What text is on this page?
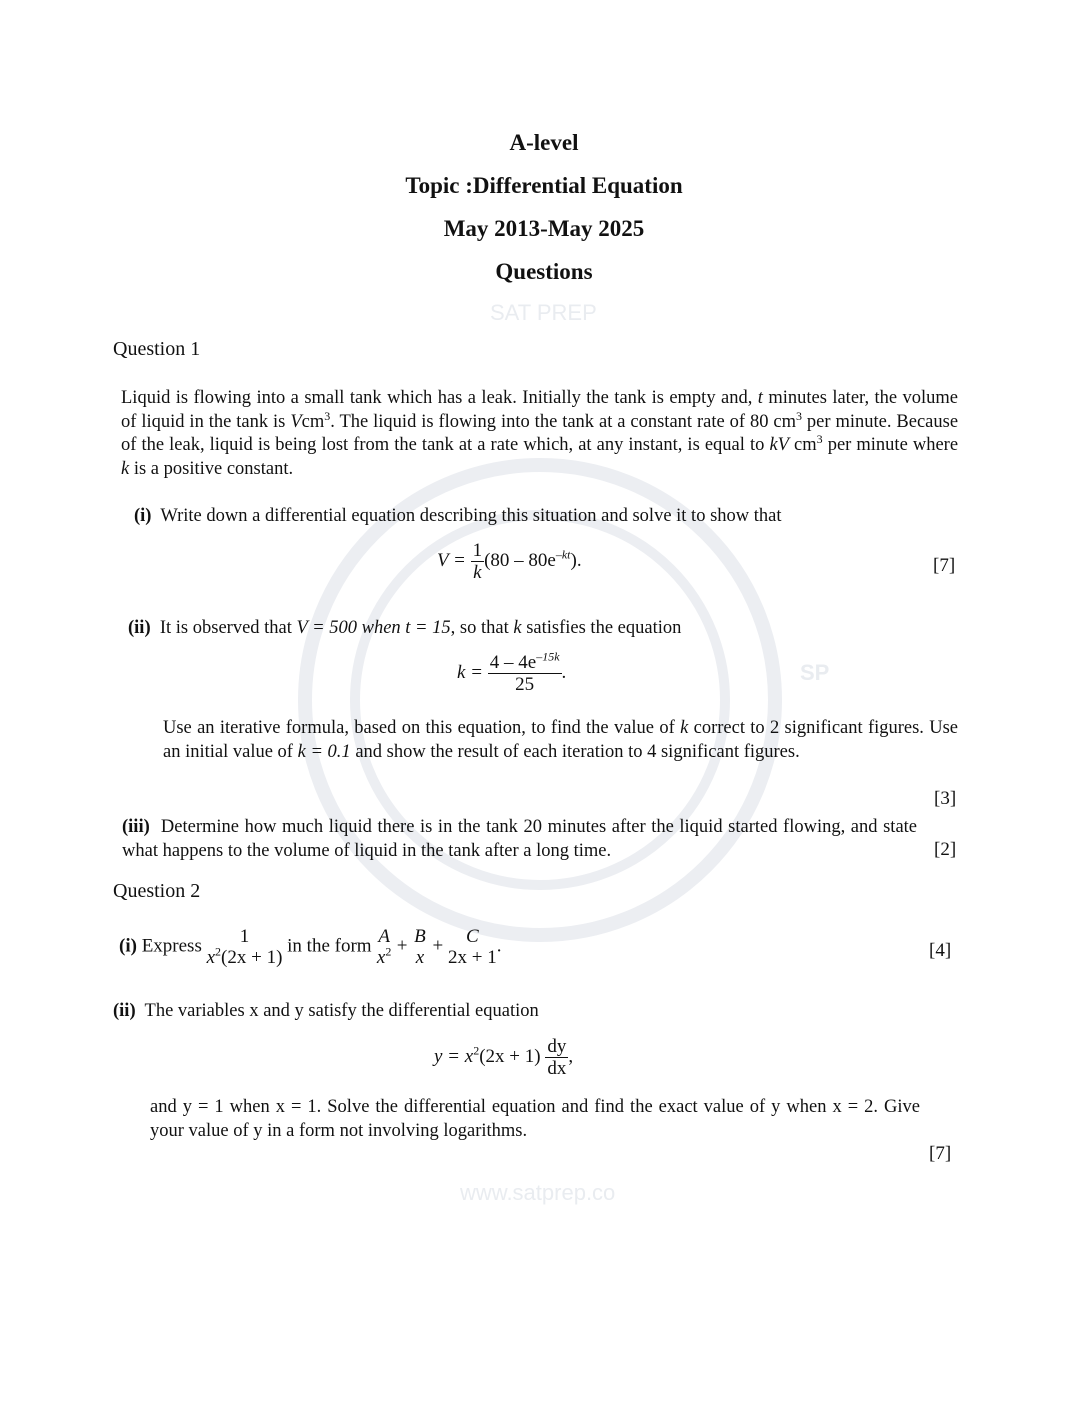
SAT PREP
SP
www.satprep.co
A-level
Topic :Differential Equation
May 2013-May 2025
Questions
Question 1
Liquid is flowing into a small tank which has a leak. Initially the tank is empty and, t minutes later, the volume of liquid in the tank is Vcm$^3$. The liquid is flowing into the tank at a constant rate of 80 $cm^3$ per minute. Because of the leak, liquid is being lost from the tank at a rate which, at any instant, is equal to kV $cm^3$ per minute where k is a positive constant.
(i) Write down a differential equation describing this situation and solve it to show that
$V = \frac{1}{k} (80 - 80e^{-kt})$.	[7]
(ii) It is observed that V = 500 when t = 15, so that k satisfies the equation
$k = \frac{4 - 4e^{-15k}}{25}$ .
Use an iterative formula, based on this equation, to find the value of k correct to 2 significant figures. Use an initial value of k = 0.1 and show the result of each iteration to 4 significant figures.
[3]
(iii) Determine how much liquid there is in the tank 20 minutes after the liquid started flowing, and state what happens to the volume of liquid in the tank after a long time.	[2]
Question 2
(i) Express	1
$x^2(2x + 1)$
in the form A
$x^2 + B$
x
+	C
2x + 1
.	[4]
(ii) The variables x and y satisfy the differential equation
$y = x^2(2x + 1) \frac{dy}{dx}$ ,
and y = 1 when x = 1. Solve the differential equation and find the exact value of y when x = 2. Give your value of y in a form not involving logarithms.
[7]
